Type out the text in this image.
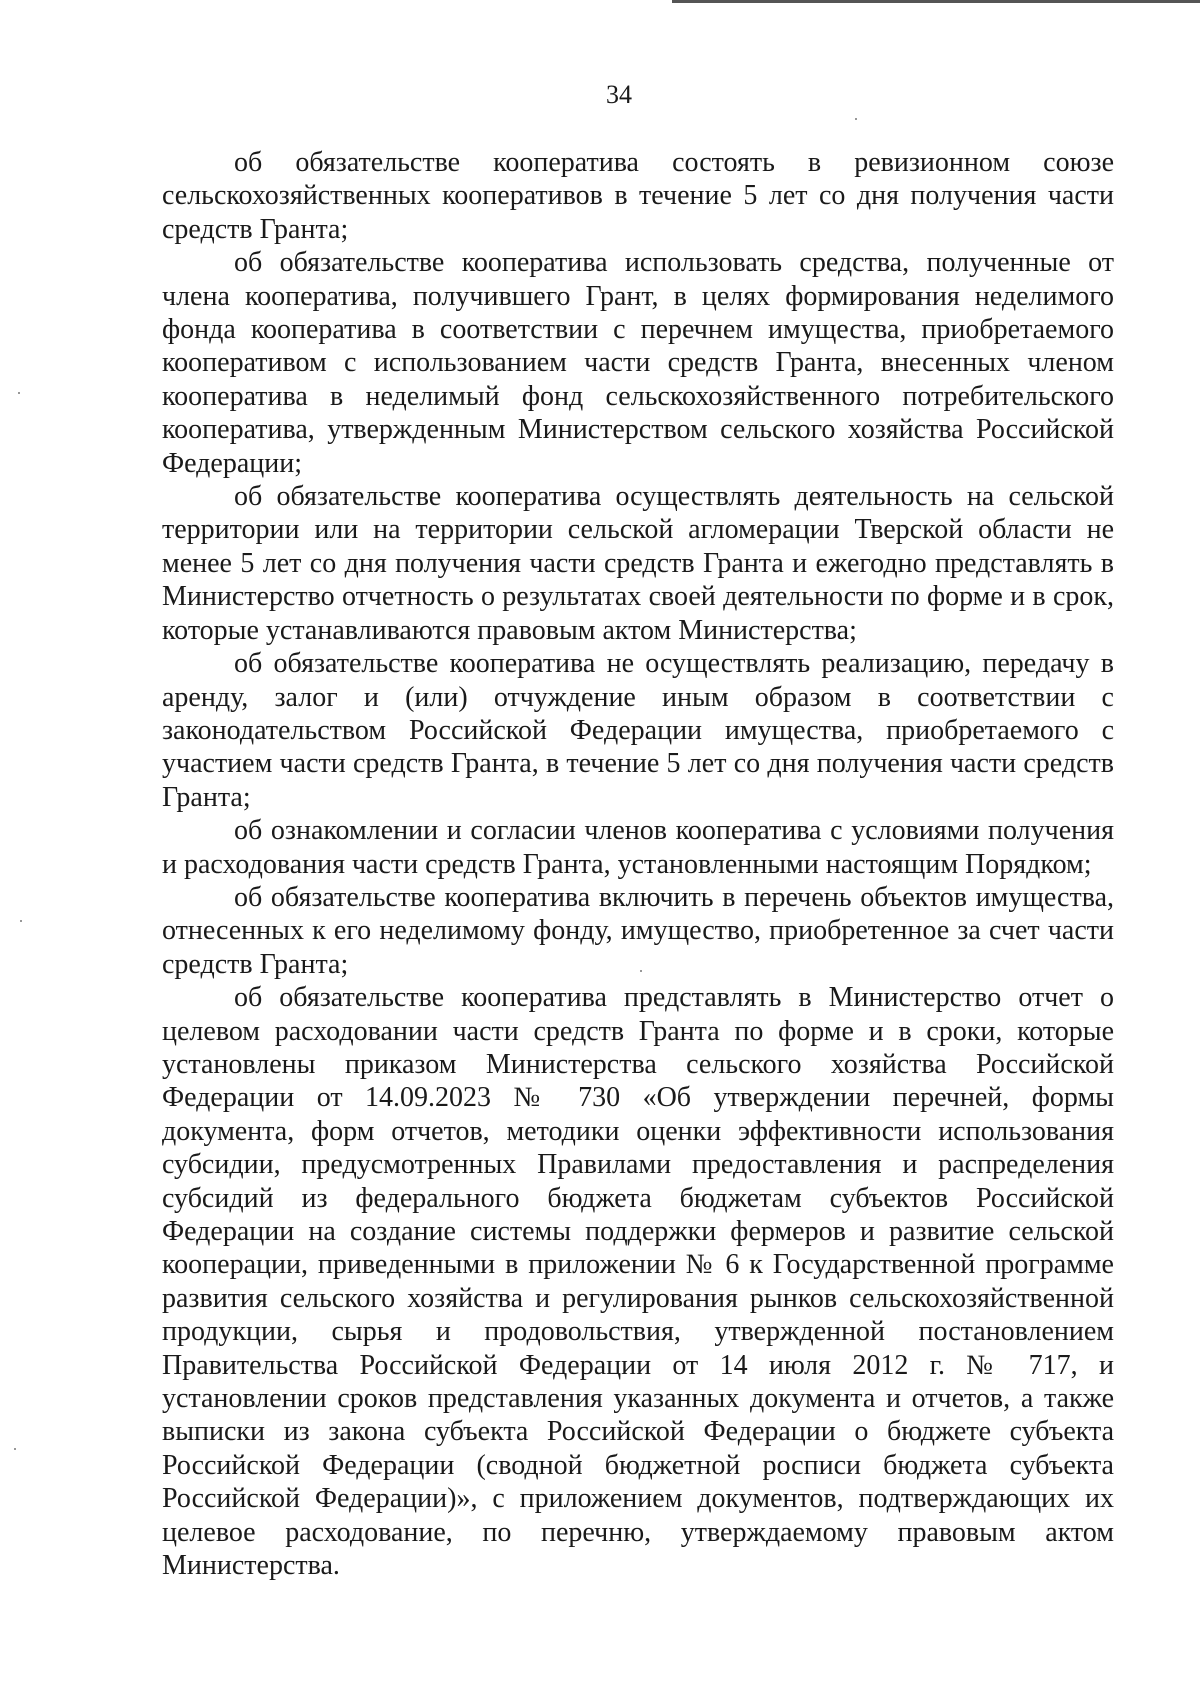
34

об обязательстве кооператива состоять в ревизионном союзе сельскохозяйственных кооперативов в течение 5 лет со дня получения части средств Гранта;

об обязательстве кооператива использовать средства, полученные от члена кооператива, получившего Грант, в целях формирования неделимого фонда кооператива в соответствии с перечнем имущества, приобретаемого кооперативом с использованием части средств Гранта, внесенных членом кооператива в неделимый фонд сельскохозяйственного потребительского кооператива, утвержденным Министерством сельского хозяйства Российской Федерации;

об обязательстве кооператива осуществлять деятельность на сельской территории или на территории сельской агломерации Тверской области не менее 5 лет со дня получения части средств Гранта и ежегодно представлять в Министерство отчетность о результатах своей деятельности по форме и в срок, которые устанавливаются правовым актом Министерства;

об обязательстве кооператива не осуществлять реализацию, передачу в аренду, залог и (или) отчуждение иным образом в соответствии с законодательством Российской Федерации имущества, приобретаемого с участием части средств Гранта, в течение 5 лет со дня получения части средств Гранта;

об ознакомлении и согласии членов кооператива с условиями получения и расходования части средств Гранта, установленными настоящим Порядком;

об обязательстве кооператива включить в перечень объектов имущества, отнесенных к его неделимому фонду, имущество, приобретенное за счет части средств Гранта;

об обязательстве кооператива представлять в Министерство отчет о целевом расходовании части средств Гранта по форме и в сроки, которые установлены приказом Министерства сельского хозяйства Российской Федерации от 14.09.2023 № 730 «Об утверждении перечней, формы документа, форм отчетов, методики оценки эффективности использования субсидии, предусмотренных Правилами предоставления и распределения субсидий из федерального бюджета бюджетам субъектов Российской Федерации на создание системы поддержки фермеров и развитие сельской кооперации, приведенными в приложении № 6 к Государственной программе развития сельского хозяйства и регулирования рынков сельскохозяйственной продукции, сырья и продовольствия, утвержденной постановлением Правительства Российской Федерации от 14 июля 2012 г. № 717, и установлении сроков представления указанных документа и отчетов, а также выписки из закона субъекта Российской Федерации о бюджете субъекта Российской Федерации (сводной бюджетной росписи бюджета субъекта Российской Федерации)», с приложением документов, подтверждающих их целевое расходование, по перечню, утверждаемому правовым актом Министерства.
